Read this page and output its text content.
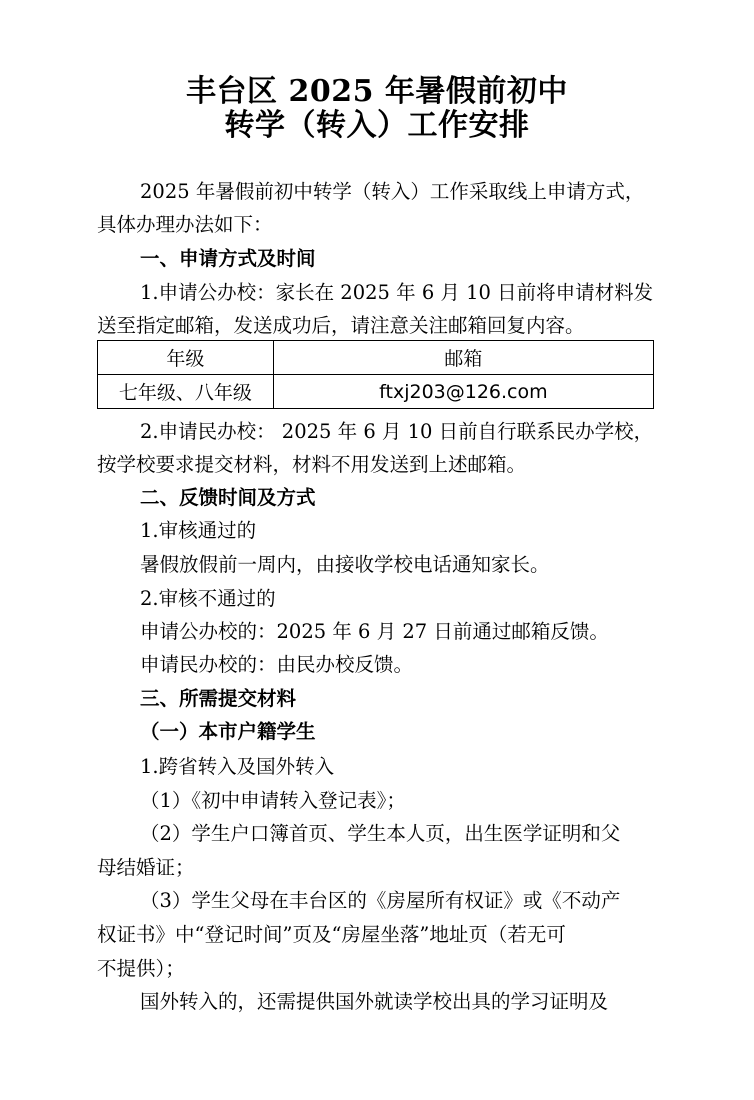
丰台区 2025 年暑假前初中
转学（转入）工作安排

2025 年暑假前初中转学（转入）工作采取线上申请方式，

具体办理办法如下：

一、申请方式及时间

1.申请公办校：家长在 2025 年 6 月 10 日前将申请材料发

送至指定邮箱，发送成功后，请注意关注邮箱回复内容。

年级	邮箱
七年级、八年级	ftxj203@126.com

2.申请民办校： 2025 年 6 月 10 日前自行联系民办学校，

按学校要求提交材料，材料不用发送到上述邮箱。

二、反馈时间及方式

1.审核通过的

暑假放假前一周内，由接收学校电话通知家长。

2.审核不通过的

申请公办校的：2025 年 6 月 27 日前通过邮箱反馈。

申请民办校的：由民办校反馈。

三、所需提交材料

（一）本市户籍学生

1.跨省转入及国外转入

（1）《初中申请转入登记表》；

（2）学生户口簿首页、学生本人页，出生医学证明和父

母结婚证；

（3）学生父母在丰台区的《房屋所有权证》或《不动产

权证书》中“登记时间”页及“房屋坐落”地址页（若无可

不提供）；

国外转入的，还需提供国外就读学校出具的学习证明及
